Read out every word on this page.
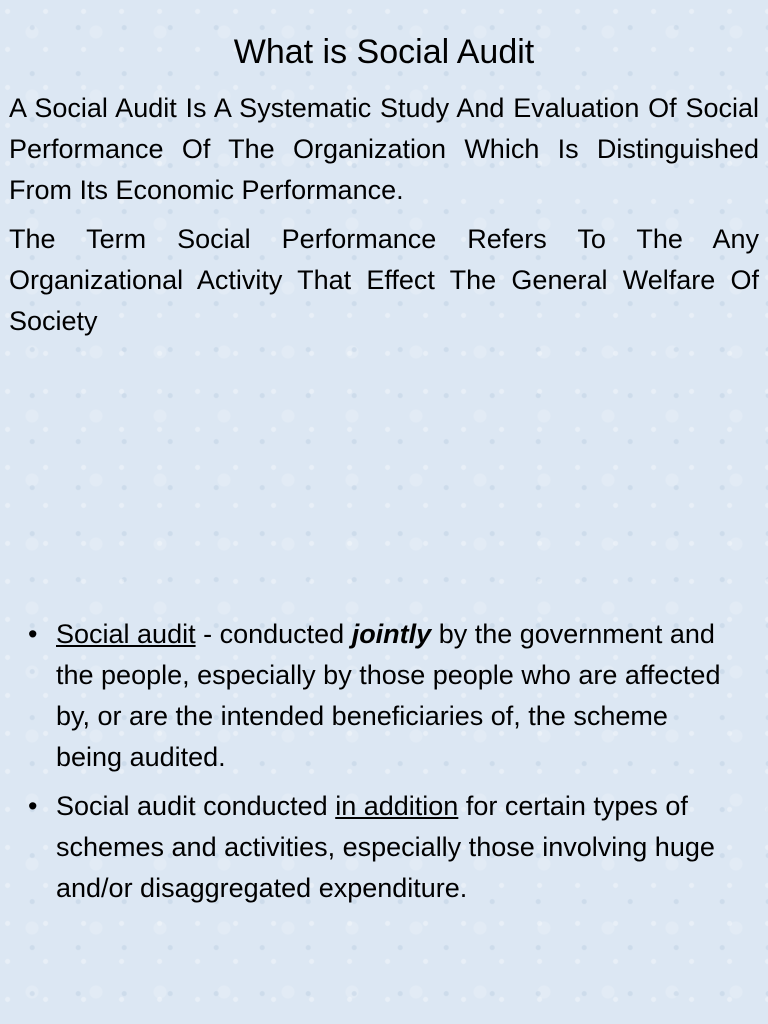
What is Social Audit

A Social Audit Is A Systematic Study And Evaluation Of Social Performance Of The Organization Which Is Distinguished From Its Economic Performance.

The Term Social Performance Refers To The Any Organizational Activity That Effect The General Welfare Of Society

• Social audit - conducted jointly by the government and the people, especially by those people who are affected by, or are the intended beneficiaries of, the scheme being audited.
• Social audit conducted in addition for certain types of schemes and activities, especially those involving huge and/or disaggregated expenditure.
